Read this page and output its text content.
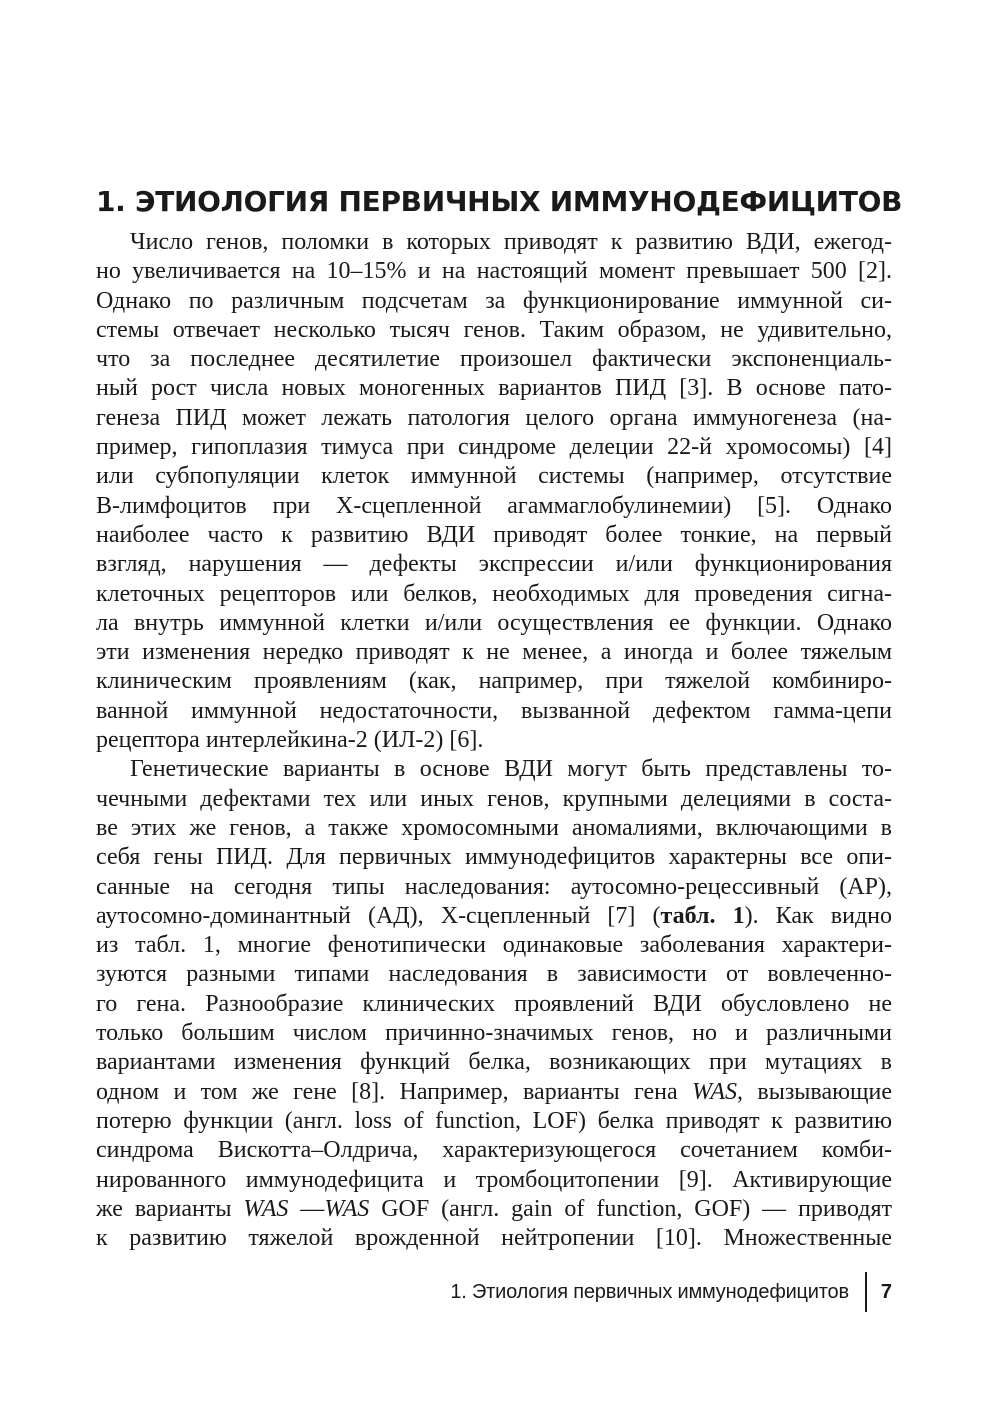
1. ЭТИОЛОГИЯ ПЕРВИЧНЫХ ИММУНОДЕФИЦИТОВ
Число генов, поломки в которых приводят к развитию ВДИ, ежегод-
но увеличивается на 10–15% и на настоящий момент превышает 500 [2].
Однако по различным подсчетам за функционирование иммунной си-
стемы отвечает несколько тысяч генов. Таким образом, не удивительно,
что за последнее десятилетие произошел фактически экспоненциаль-
ный рост числа новых моногенных вариантов ПИД [3]. В основе пато-
генеза ПИД может лежать патология целого органа иммуногенеза (на-
пример, гипоплазия тимуса при синдроме делеции 22-й хромосомы) [4]
или субпопуляции клеток иммунной системы (например, отсутствие
В-лимфоцитов при Х-сцепленной агаммаглобулинемии) [5]. Однако
наиболее часто к развитию ВДИ приводят более тонкие, на первый
взгляд, нарушения — дефекты экспрессии и/или функционирования
клеточных рецепторов или белков, необходимых для проведения сигна-
ла внутрь иммунной клетки и/или осуществления ее функции. Однако
эти изменения нередко приводят к не менее, а иногда и более тяжелым
клиническим проявлениям (как, например, при тяжелой комбиниро-
ванной иммунной недостаточности, вызванной дефектом гамма-цепи
рецептора интерлейкина-2 (ИЛ-2) [6].
Генетические варианты в основе ВДИ могут быть представлены то-
чечными дефектами тех или иных генов, крупными делециями в соста-
ве этих же генов, а также хромосомными аномалиями, включающими в
себя гены ПИД. Для первичных иммунодефицитов характерны все опи-
санные на сегодня типы наследования: аутосомно-рецессивный (АР),
аутосомно-доминантный (АД), Х-сцепленный [7] (табл. 1). Как видно
из табл. 1, многие фенотипически одинаковые заболевания характери-
зуются разными типами наследования в зависимости от вовлеченно-
го гена. Разнообразие клинических проявлений ВДИ обусловлено не
только большим числом причинно-значимых генов, но и различными
вариантами изменения функций белка, возникающих при мутациях в
одном и том же гене [8]. Например, варианты гена WAS, вызывающие
потерю функции (англ. loss of function, LOF) белка приводят к развитию
синдрома Вискотта–Олдрича, характеризующегося сочетанием комби-
нированного иммунодефицита и тромбоцитопении [9]. Активирующие
же варианты WAS —WAS GOF (англ. gain of function, GOF) — приводят
к развитию тяжелой врожденной нейтропении [10]. Множественные
1. Этиология первичных иммунодефицитов	7
